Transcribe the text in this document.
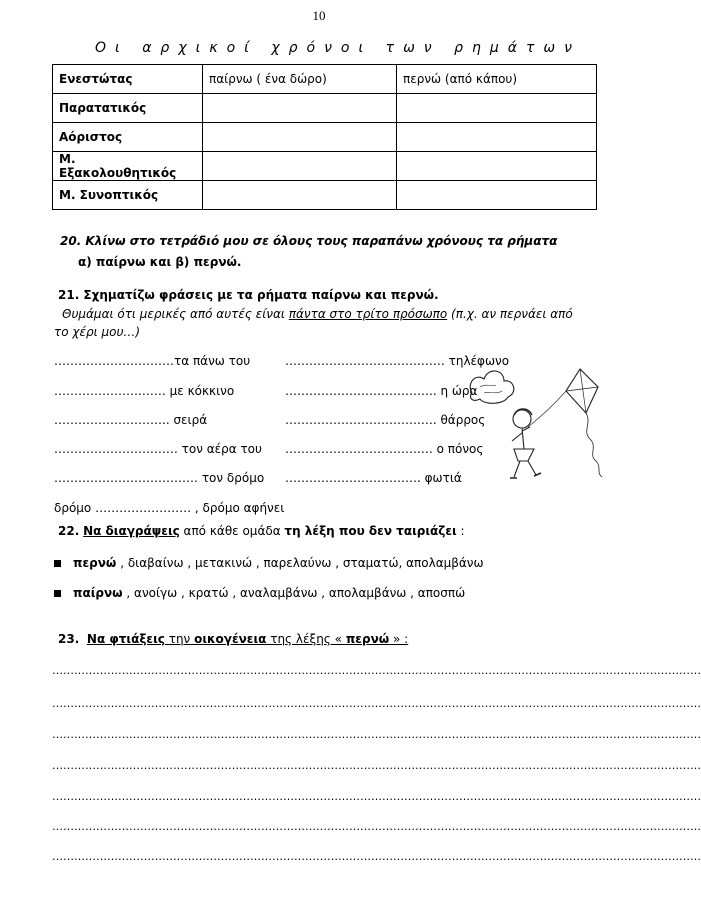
10
Οι αρχικοί χρόνοι των ρημάτων
Ενεστώτας	παίρνω ( ένα δώρο)	περνώ (από κάπου)
Παρατατικός		
Αόριστος		
Μ. Εξακολουθητικός		
Μ. Συνοπτικός		
20. Κλίνω στο τετράδιό μου σε όλους τους παραπάνω χρόνους τα ρήματα
α) παίρνω και β) περνώ.
21. Σχηματίζω φράσεις με τα ρήματα παίρνω και περνώ.
Θυμάμαι ότι μερικές από αυτές είναι πάντα στο τρίτο πρόσωπο (π.χ. αν περνάει από
το χέρι μου…)
…………………………τα πάνω του	…………………………….…… τηλέφωνο
………………….…… με κόκκινο	……………………………….. η ώρα
……………………….. σειρά	…………………………….…. θάρρος
…………………….…… τον αέρα του …………………………….… ο πόνος
……………………………… τον δρόμο ……………………………. φωτιά
δρόμο …………………… , δρόμο αφήνει
22. Να διαγράψεις από κάθε ομάδα τη λέξη που δεν ταιριάζει :
περνώ , διαβαίνω , μετακινώ , παρελαύνω , σταματώ, απολαμβάνω
παίρνω , ανοίγω , κρατώ , αναλαμβάνω , απολαμβάνω , αποσπώ
23. Να φτιάξεις την οικογένεια της λέξης « περνώ » :
……………………………………………………………………………………………………………………………………………………………
……………………………………………………………………………………………………………………………………………………………
……………………………………………………………………………………………………………………………………………………………
……………………………………………………………………………………………………………………………………………………………
……………………………………………………………………………………………………………………………………………………………
……………………………………………………………………………………………………………………………………………………………
……………………………………………………………………………………………………………………………………………………………
